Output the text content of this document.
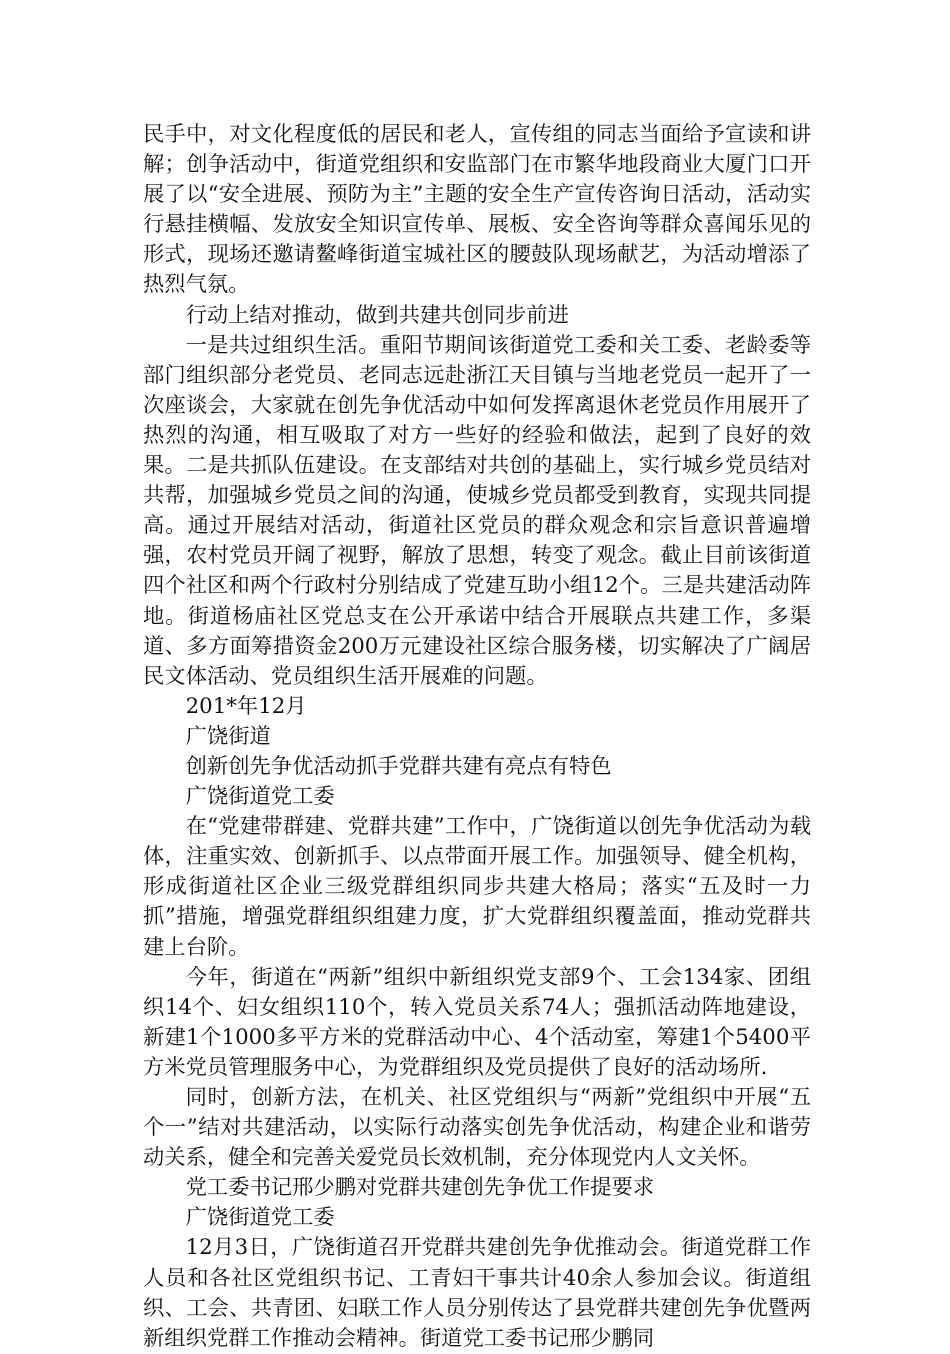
民手中，对文化程度低的居民和老人，宣传组的同志当面给予宣读和讲解；创争活动中，街道党组织和安监部门在市繁华地段商业大厦门口开展了以“安全进展、预防为主”主题的安全生产宣传咨询日活动，活动实行悬挂横幅、发放安全知识宣传单、展板、安全咨询等群众喜闻乐见的形式，现场还邀请鳌峰街道宝城社区的腰鼓队现场献艺，为活动增添了热烈气氛。

行动上结对推动，做到共建共创同步前进

一是共过组织生活。重阳节期间该街道党工委和关工委、老龄委等部门组织部分老党员、老同志远赴浙江天目镇与当地老党员一起开了一次座谈会，大家就在创先争优活动中如何发挥离退休老党员作用展开了热烈的沟通，相互吸取了对方一些好的经验和做法，起到了良好的效果。二是共抓队伍建设。在支部结对共创的基础上，实行城乡党员结对共帮，加强城乡党员之间的沟通，使城乡党员都受到教育，实现共同提高。通过开展结对活动，街道社区党员的群众观念和宗旨意识普遍增强，农村党员开阔了视野，解放了思想，转变了观念。截止目前该街道四个社区和两个行政村分别结成了党建互助小组12个。三是共建活动阵地。街道杨庙社区党总支在公开承诺中结合开展联点共建工作，多渠道、多方面筹措资金200万元建设社区综合服务楼，切实解决了广阔居民文体活动、党员组织生活开展难的问题。

201*年12月

广饶街道

创新创先争优活动抓手党群共建有亮点有特色

广饶街道党工委

在“党建带群建、党群共建”工作中，广饶街道以创先争优活动为载体，注重实效、创新抓手、以点带面开展工作。加强领导、健全机构，形成街道社区企业三级党群组织同步共建大格局；落实“五及时一力抓”措施，增强党群组织组建力度，扩大党群组织覆盖面，推动党群共建上台阶。

今年，街道在“两新”组织中新组织党支部9个、工会134家、团组织14个、妇女组织110个，转入党员关系74人；强抓活动阵地建设，新建1个1000多平方米的党群活动中心、4个活动室，筹建1个5400平方米党员管理服务中心，为党群组织及党员提供了良好的活动场所.

同时，创新方法，在机关、社区党组织与“两新”党组织中开展“五个一”结对共建活动，以实际行动落实创先争优活动，构建企业和谐劳动关系，健全和完善关爱党员长效机制，充分体现党内人文关怀。

党工委书记邢少鹏对党群共建创先争优工作提要求

广饶街道党工委

12月3日，广饶街道召开党群共建创先争优推动会。街道党群工作人员和各社区党组织书记、工青妇干事共计40余人参加会议。街道组织、工会、共青团、妇联工作人员分别传达了县党群共建创先争优暨两新组织党群工作推动会精神。街道党工委书记邢少鹏同
